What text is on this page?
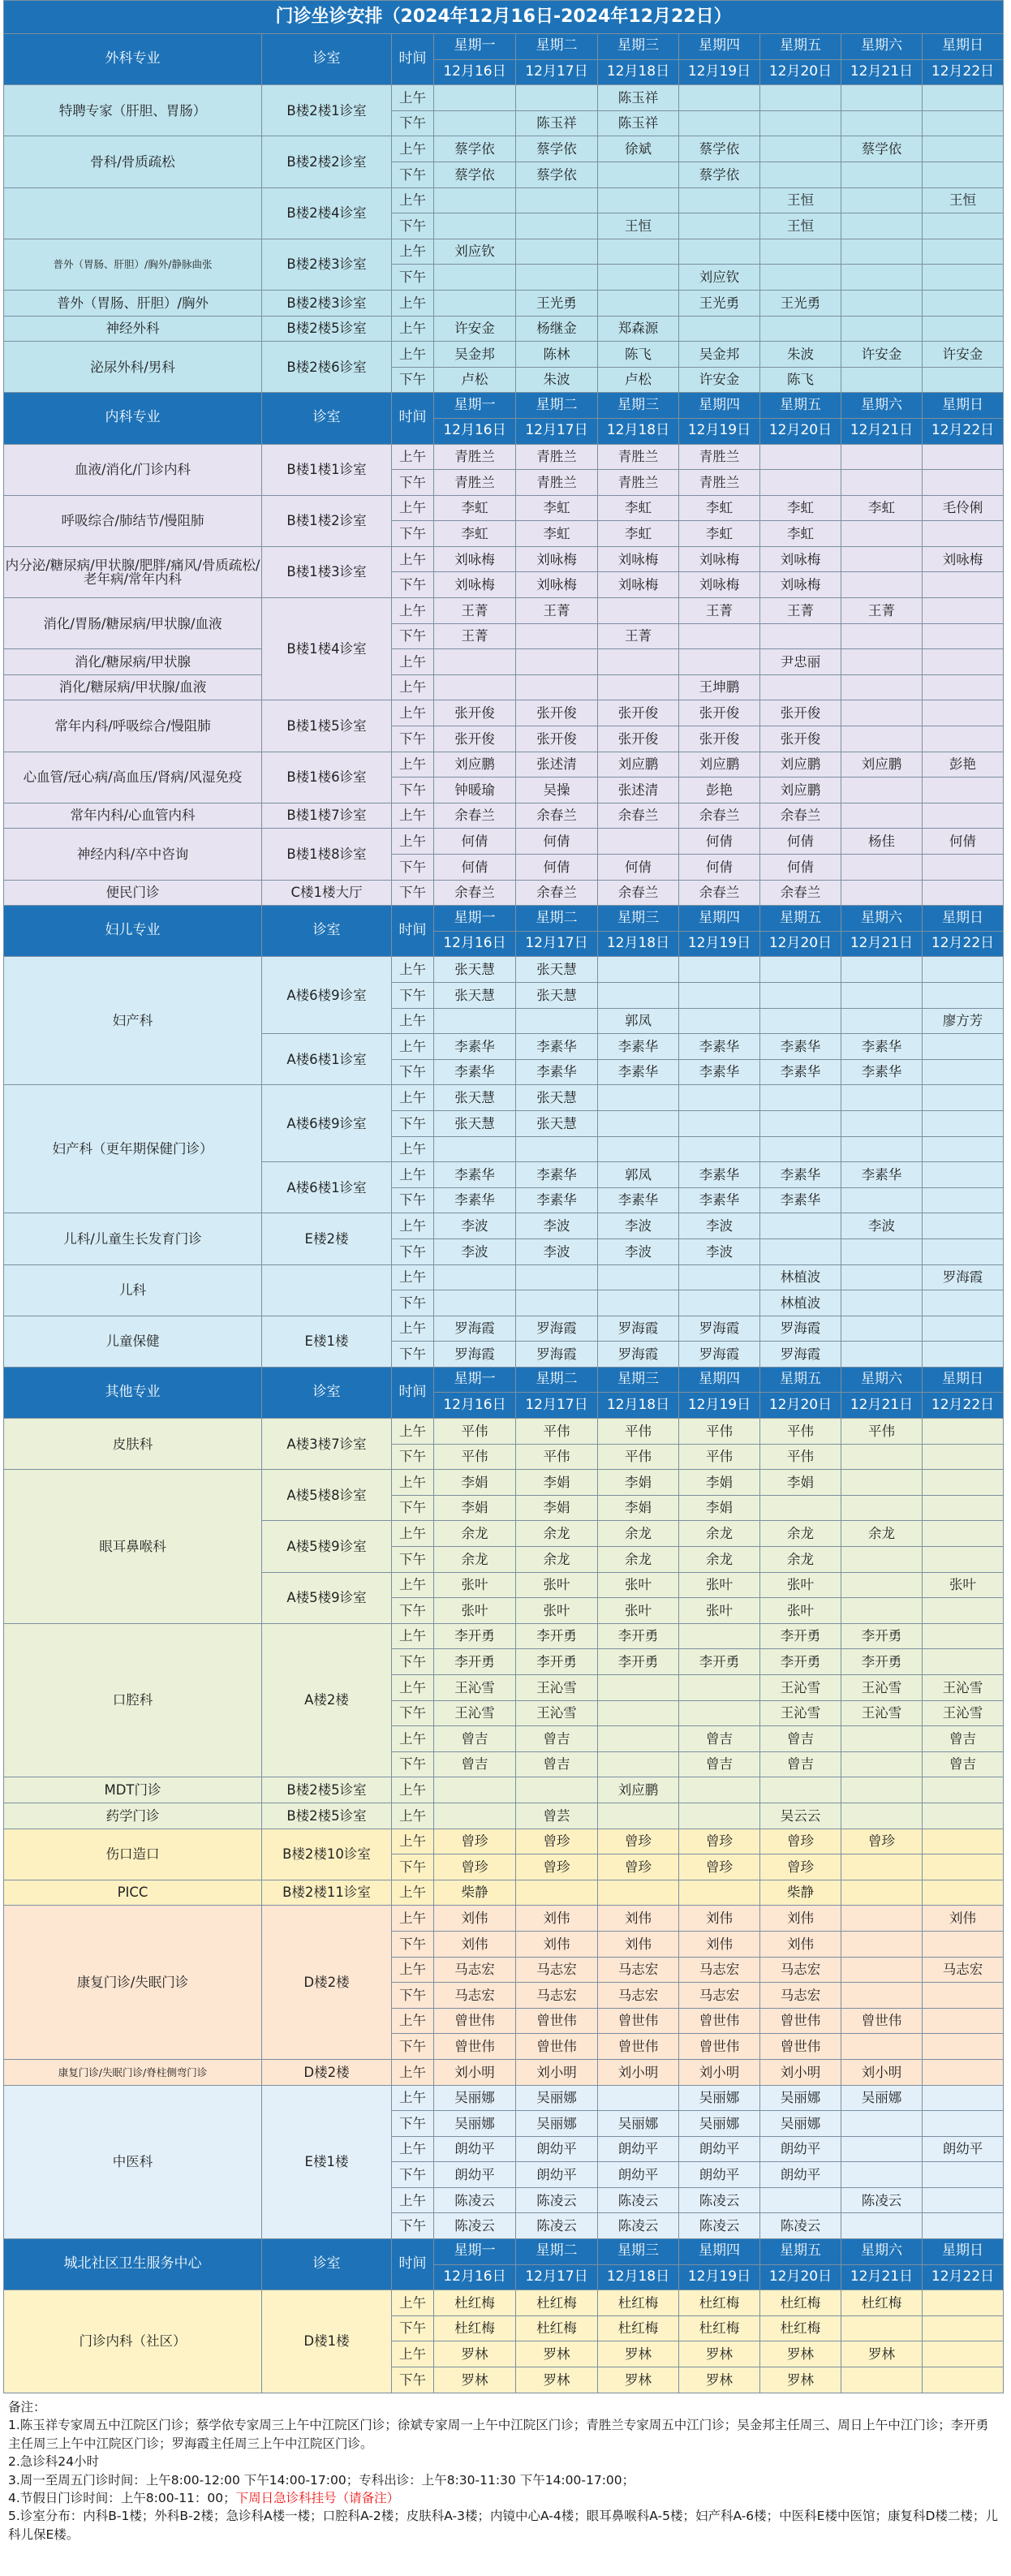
门诊坐诊安排（2024年12月16日-2024年12月22日）									
外科专业	诊室	时间	星期一	星期二	星期三	星期四	星期五	星期六	星期日
			12月16日	12月17日	12月18日	12月19日	12月20日	12月21日	12月22日
特聘专家（肝胆、胃肠）	B楼2楼1诊室	上午			陈玉祥				
		下午		陈玉祥	陈玉祥				
骨科/骨质疏松	B楼2楼2诊室	上午	蔡学依	蔡学依	徐斌	蔡学依		蔡学依	
		下午	蔡学依	蔡学依		蔡学依			
	B楼2楼4诊室	上午					王恒		王恒
		下午			王恒		王恒		
普外（胃肠、肝胆）/胸外/静脉曲张	B楼2楼3诊室	上午	刘应钦						
		下午				刘应钦			
普外（胃肠、肝胆）/胸外	B楼2楼3诊室	上午		王光勇		王光勇	王光勇		
神经外科	B楼2楼5诊室	上午	许安金	杨继金	郑森源				
泌尿外科/男科	B楼2楼6诊室	上午	吴金邦	陈林	陈飞	吴金邦	朱波	许安金	许安金
		下午	卢松	朱波	卢松	许安金	陈飞		
内科专业	诊室	时间	星期一	星期二	星期三	星期四	星期五	星期六	星期日
			12月16日	12月17日	12月18日	12月19日	12月20日	12月21日	12月22日
血液/消化/门诊内科	B楼1楼1诊室	上午	青胜兰	青胜兰	青胜兰	青胜兰			
		下午	青胜兰	青胜兰	青胜兰	青胜兰			
呼吸综合/肺结节/慢阻肺	B楼1楼2诊室	上午	李虹	李虹	李虹	李虹	李虹	李虹	毛伶俐
		下午	李虹	李虹	李虹	李虹	李虹		
内分泌/糖尿病/甲状腺/肥胖/痛风/骨质疏松/老年病/常年内科	B楼1楼3诊室	上午	刘咏梅	刘咏梅	刘咏梅	刘咏梅	刘咏梅		刘咏梅
		下午	刘咏梅	刘咏梅	刘咏梅	刘咏梅	刘咏梅		
消化/胃肠/糖尿病/甲状腺/血液	B楼1楼4诊室	上午	王菁	王菁		王菁	王菁	王菁	
		下午	王菁		王菁				
消化/糖尿病/甲状腺		上午					尹忠丽		
消化/糖尿病/甲状腺/血液		上午				王坤鹏			
常年内科/呼吸综合/慢阻肺	B楼1楼5诊室	上午	张开俊	张开俊	张开俊	张开俊	张开俊		
		下午	张开俊	张开俊	张开俊	张开俊	张开俊		
心血管/冠心病/高血压/肾病/风湿免疫	B楼1楼6诊室	上午	刘应鹏	张述清	刘应鹏	刘应鹏	刘应鹏	刘应鹏	彭艳
		下午	钟暖瑜	吴操	张述清	彭艳	刘应鹏		
常年内科/心血管内科	B楼1楼7诊室	上午	余春兰	余春兰	余春兰	余春兰	余春兰		
神经内科/卒中咨询	B楼1楼8诊室	上午	何倩	何倩		何倩	何倩	杨佳	何倩
		下午	何倩	何倩	何倩	何倩	何倩		
便民门诊	C楼1楼大厅	下午	余春兰	余春兰	余春兰	余春兰	余春兰		
妇儿专业	诊室	时间	星期一	星期二	星期三	星期四	星期五	星期六	星期日
			12月16日	12月17日	12月18日	12月19日	12月20日	12月21日	12月22日
妇产科	A楼6楼9诊室	上午	张天慧	张天慧					
		下午	张天慧	张天慧					
		上午			郭凤				廖方芳
	A楼6楼1诊室	上午	李素华	李素华	李素华	李素华	李素华	李素华	
		下午	李素华	李素华	李素华	李素华	李素华	李素华	
妇产科（更年期保健门诊）	A楼6楼9诊室	上午	张天慧	张天慧					
		下午	张天慧	张天慧					
		上午							
	A楼6楼1诊室	上午	李素华	李素华	郭凤	李素华	李素华	李素华	
		下午	李素华	李素华	李素华	李素华	李素华		
儿科/儿童生长发育门诊	E楼2楼	上午	李波	李波	李波	李波		李波	
		下午	李波	李波	李波	李波			
儿科		上午					林植波		罗海霞
		下午					林植波		
儿童保健	E楼1楼	上午	罗海霞	罗海霞	罗海霞	罗海霞	罗海霞		
		下午	罗海霞	罗海霞	罗海霞	罗海霞	罗海霞		
其他专业	诊室	时间	星期一	星期二	星期三	星期四	星期五	星期六	星期日
			12月16日	12月17日	12月18日	12月19日	12月20日	12月21日	12月22日
皮肤科	A楼3楼7诊室	上午	平伟	平伟	平伟	平伟	平伟	平伟	
		下午	平伟	平伟	平伟	平伟	平伟		
眼耳鼻喉科	A楼5楼8诊室	上午	李娟	李娟	李娟	李娟	李娟		
		下午	李娟	李娟	李娟	李娟			
	A楼5楼9诊室	上午	余龙	余龙	余龙	余龙	余龙	余龙	
		下午	余龙	余龙	余龙	余龙	余龙		
	A楼5楼9诊室	上午	张叶	张叶	张叶	张叶	张叶		张叶
		下午	张叶	张叶	张叶	张叶	张叶		
口腔科	A楼2楼	上午	李开勇	李开勇	李开勇		李开勇	李开勇	
		下午	李开勇	李开勇	李开勇	李开勇	李开勇	李开勇	
		上午	王沁雪	王沁雪			王沁雪	王沁雪	王沁雪
		下午	王沁雪	王沁雪			王沁雪	王沁雪	王沁雪
		上午	曾吉	曾吉		曾吉	曾吉		曾吉
		下午	曾吉	曾吉		曾吉	曾吉		曾吉
MDT门诊	B楼2楼5诊室	上午			刘应鹏				
药学门诊	B楼2楼5诊室	上午		曾芸			吴云云		
伤口造口	B楼2楼10诊室	上午	曾珍	曾珍	曾珍	曾珍	曾珍	曾珍	
		下午	曾珍	曾珍	曾珍	曾珍	曾珍		
PICC	B楼2楼11诊室	上午	柴静				柴静		
康复门诊/失眠门诊	D楼2楼	上午	刘伟	刘伟	刘伟	刘伟	刘伟		刘伟
		下午	刘伟	刘伟	刘伟	刘伟	刘伟		
		上午	马志宏	马志宏	马志宏	马志宏	马志宏		马志宏
		下午	马志宏	马志宏	马志宏	马志宏	马志宏		
		上午	曾世伟	曾世伟	曾世伟	曾世伟	曾世伟	曾世伟	
		下午	曾世伟	曾世伟	曾世伟	曾世伟	曾世伟		
康复门诊/失眠门诊/脊柱侧弯门诊	D楼2楼	上午	刘小明	刘小明	刘小明	刘小明	刘小明	刘小明	
中医科	E楼1楼	上午	吴丽娜	吴丽娜		吴丽娜	吴丽娜	吴丽娜	
		下午	吴丽娜	吴丽娜	吴丽娜	吴丽娜	吴丽娜		
		上午	朗幼平	朗幼平	朗幼平	朗幼平	朗幼平		朗幼平
		下午	朗幼平	朗幼平	朗幼平	朗幼平	朗幼平		
		上午	陈凌云	陈凌云	陈凌云	陈凌云		陈凌云	
		下午	陈凌云	陈凌云	陈凌云	陈凌云	陈凌云		
城北社区卫生服务中心	诊室	时间	星期一	星期二	星期三	星期四	星期五	星期六	星期日
			12月16日	12月17日	12月18日	12月19日	12月20日	12月21日	12月22日
门诊内科（社区）	D楼1楼	上午	杜红梅	杜红梅	杜红梅	杜红梅	杜红梅	杜红梅	
		下午	杜红梅	杜红梅	杜红梅	杜红梅	杜红梅		
		上午	罗林	罗林	罗林	罗林	罗林	罗林	
		下午	罗林	罗林	罗林	罗林	罗林		
备注：
1.陈玉祥专家周五中江院区门诊；蔡学依专家周三上午中江院区门诊；徐斌专家周一上午中江院区门诊；青胜兰专家周五中江门诊；吴金邦主任周三、周日上午中江门诊；李开勇主任周三上午中江院区门诊；罗海霞主任周三上午中江院区门诊。
2.急诊科24小时
3.周一至周五门诊时间：上午8:00-12:00 下午14:00-17:00；专科出诊：上午8:30-11:30 下午14:00-17:00；
4.节假日门诊时间：上午8:00-11：00；下周日急诊科挂号（请备注）
5.诊室分布：内科B-1楼；外科B-2楼；急诊科A楼一楼；口腔科A-2楼；皮肤科A-3楼；内镜中心A-4楼；眼耳鼻喉科A-5楼；妇产科A-6楼；中医科E楼中医馆；康复科D楼二楼；儿科儿保E楼。
